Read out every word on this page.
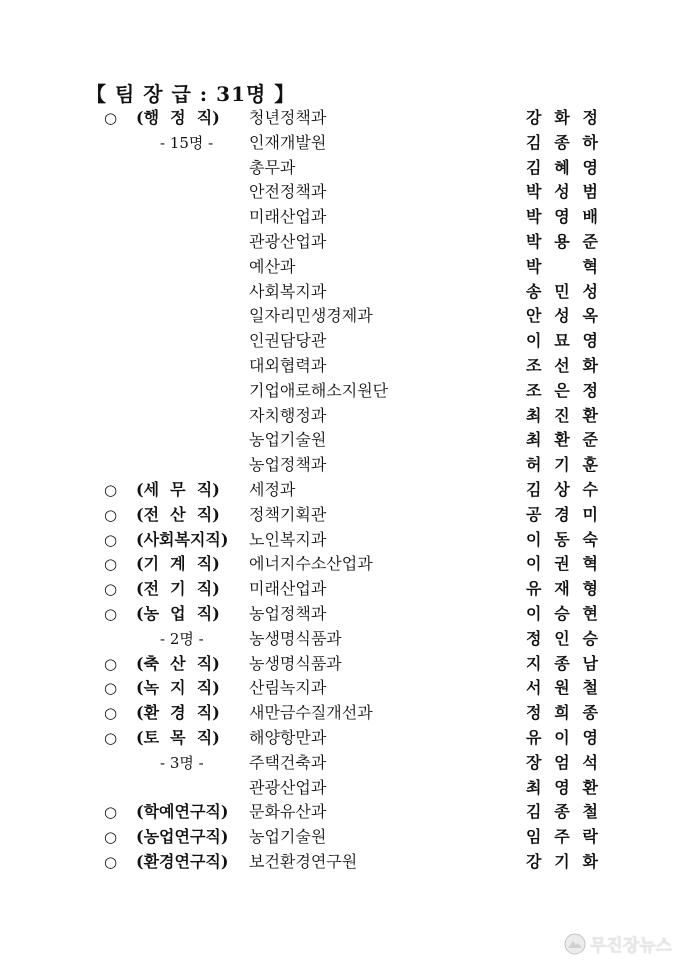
【 팀 장 급 : 31명 】
○ (행  정  직) 청년정책과	강 화 정
- 15명 - 인재개발원	김 종 하
총무과	김 혜 영
안전정책과	박 성 범
미래산업과	박 영 배
관광산업과	박 용 준
예산과	박	혁
사회복지과	송 민 성
일자리민생경제과	안 성 옥
인권담당관	이 묘 영
대외협력과	조 선 화
기업애로해소지원단	조 은 정
자치행정과	최 진 환
농업기술원	최 환 준
농업정책과	허 기 훈
○ (세  무  직) 세정과	김 상 수
○ (전  산  직) 정책기획관	공 경 미
○ (사회복지직) 노인복지과	이 동 숙
○ (기  계  직) 에너지수소산업과	이 권 혁
○ (전  기  직) 미래산업과	유 재 형
○ (농  업  직) 농업정책과	이 승 현
- 2명 -	농생명식품과	정 인 승
○ (축  산  직) 농생명식품과	지 종 남
○ (녹  지  직) 산림녹지과	서 원 철
○ (환  경  직) 새만금수질개선과	정 희 종
○ (토  목  직) 해양항만과	유 이 영
- 3명 -	주택건축과	장 엄 석
관광산업과	최 영 환
○ (학예연구직) 문화유산과	김 종 철
○ (농업연구직) 농업기술원	임 주 락
○ (환경연구직) 보건환경연구원	강 기 화
무진장뉴스
